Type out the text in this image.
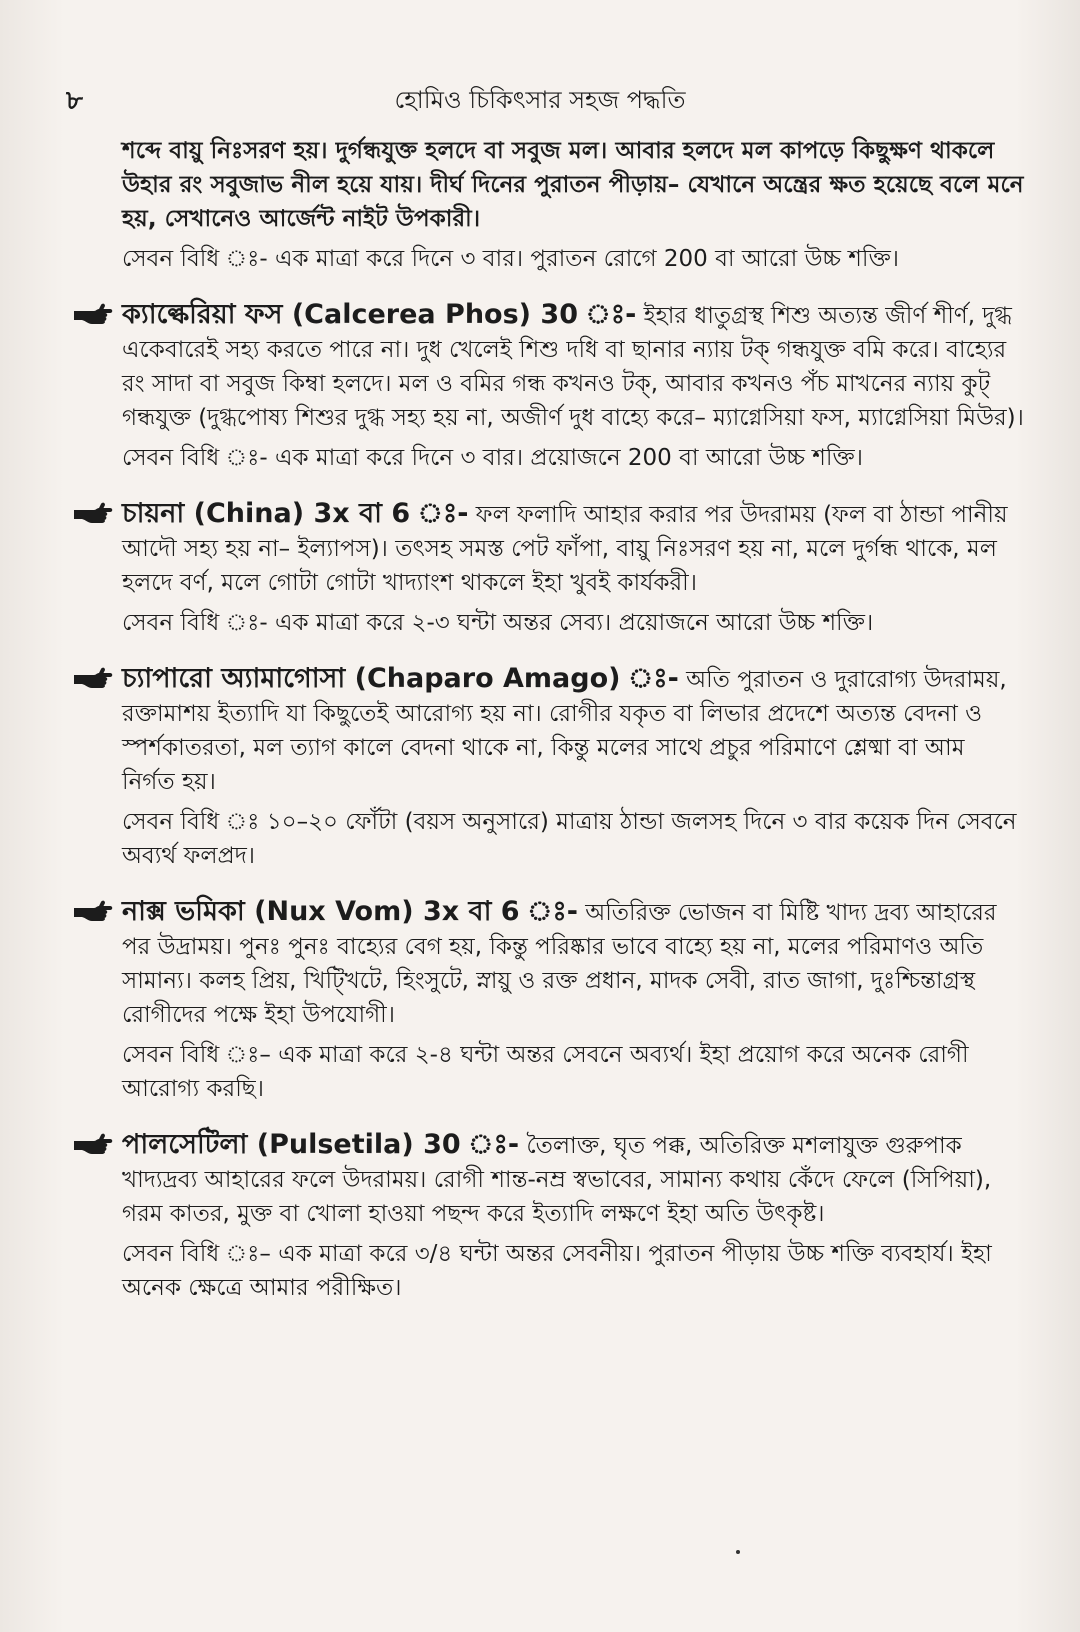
৮	হোমিও চিকিৎসার সহজ পদ্ধতি

শব্দে বায়ু নিঃসরণ হয়। দুর্গন্ধযুক্ত হলদে বা সবুজ মল। আবার হলদে মল কাপড়ে কিছুক্ষণ থাকলে উহার রং সবুজাভ নীল হয়ে যায়। দীর্ঘ দিনের পুরাতন পীড়ায়– যেখানে অন্ত্রের ক্ষত হয়েছে বলে মনে হয়, সেখানেও আর্জেন্ট নাইট উপকারী।

সেবন বিধি ঃ- এক মাত্রা করে দিনে ৩ বার। পুরাতন রোগে 200 বা আরো উচ্চ শক্তি।

ক্যাল্কেরিয়া ফস (Calcerea Phos) 30 ঃ- ইহার ধাতুগ্রস্থ শিশু অত্যন্ত জীর্ণ শীর্ণ, দুগ্ধ একেবারেই সহ্য করতে পারে না। দুধ খেলেই শিশু দধি বা ছানার ন্যায় টক্ গন্ধযুক্ত বমি করে। বাহ্যের রং সাদা বা সবুজ কিম্বা হলদে। মল ও বমির গন্ধ কখনও টক্, আবার কখনও পঁচ মাখনের ন্যায় কুট্ গন্ধযুক্ত (দুগ্ধপোষ্য শিশুর দুগ্ধ সহ্য হয় না, অজীর্ণ দুধ বাহ্যে করে– ম্যাগ্নেসিয়া ফস, ম্যাগ্নেসিয়া মিউর)।

সেবন বিধি ঃ- এক মাত্রা করে দিনে ৩ বার। প্রয়োজনে 200 বা আরো উচ্চ শক্তি।

চায়না (China) 3x বা 6 ঃ- ফল ফলাদি আহার করার পর উদরাময় (ফল বা ঠান্ডা পানীয় আদৌ সহ্য হয় না– ইল্যাপস)। তৎসহ সমস্ত পেট ফাঁপা, বায়ু নিঃসরণ হয় না, মলে দুর্গন্ধ থাকে, মল হলদে বর্ণ, মলে গোটা গোটা খাদ্যাংশ থাকলে ইহা খুবই কার্যকরী।

সেবন বিধি ঃ- এক মাত্রা করে ২-৩ ঘন্টা অন্তর সেব্য। প্রয়োজনে আরো উচ্চ শক্তি।

চ্যাপারো অ্যামাগোসা (Chaparo Amago) ঃ- অতি পুরাতন ও দুরারোগ্য উদরাময়, রক্তামাশয় ইত্যাদি যা কিছুতেই আরোগ্য হয় না। রোগীর যকৃত বা লিভার প্রদেশে অত্যন্ত বেদনা ও স্পর্শকাতরতা, মল ত্যাগ কালে বেদনা থাকে না, কিন্তু মলের সাথে প্রচুর পরিমাণে শ্লেষ্মা বা আম নির্গত হয়।

সেবন বিধি ঃ ১০–২০ ফোঁটা (বয়স অনুসারে) মাত্রায় ঠান্ডা জলসহ দিনে ৩ বার কয়েক দিন সেবনে অব্যর্থ ফলপ্রদ।

নাক্স ভমিকা (Nux Vom) 3x বা 6 ঃ- অতিরিক্ত ভোজন বা মিষ্টি খাদ্য দ্রব্য আহারের পর উদ্রাময়। পুনঃ পুনঃ বাহ্যের বেগ হয়, কিন্তু পরিষ্কার ভাবে বাহ্যে হয় না, মলের পরিমাণও অতি সামান্য। কলহ প্রিয়, খিট্খিটে, হিংসুটে, স্নায়ু ও রক্ত প্রধান, মাদক সেবী, রাত জাগা, দুঃশ্চিন্তাগ্রস্থ রোগীদের পক্ষে ইহা উপযোগী।

সেবন বিধি ঃ– এক মাত্রা করে ২-৪ ঘন্টা অন্তর সেবনে অব্যর্থ। ইহা প্রয়োগ করে অনেক রোগী আরোগ্য করছি।

পালসেটিলা (Pulsetila) 30 ঃ- তৈলাক্ত, ঘৃত পক্ক, অতিরিক্ত মশলাযুক্ত গুরুপাক খাদ্যদ্রব্য আহারের ফলে উদরাময়। রোগী শান্ত-নম্র স্বভাবের, সামান্য কথায় কেঁদে ফেলে (সিপিয়া), গরম কাতর, মুক্ত বা খোলা হাওয়া পছন্দ করে ইত্যাদি লক্ষণে ইহা অতি উৎকৃষ্ট।

সেবন বিধি ঃ– এক মাত্রা করে ৩/৪ ঘন্টা অন্তর সেবনীয়। পুরাতন পীড়ায় উচ্চ শক্তি ব্যবহার্য। ইহা অনেক ক্ষেত্রে আমার পরীক্ষিত।
